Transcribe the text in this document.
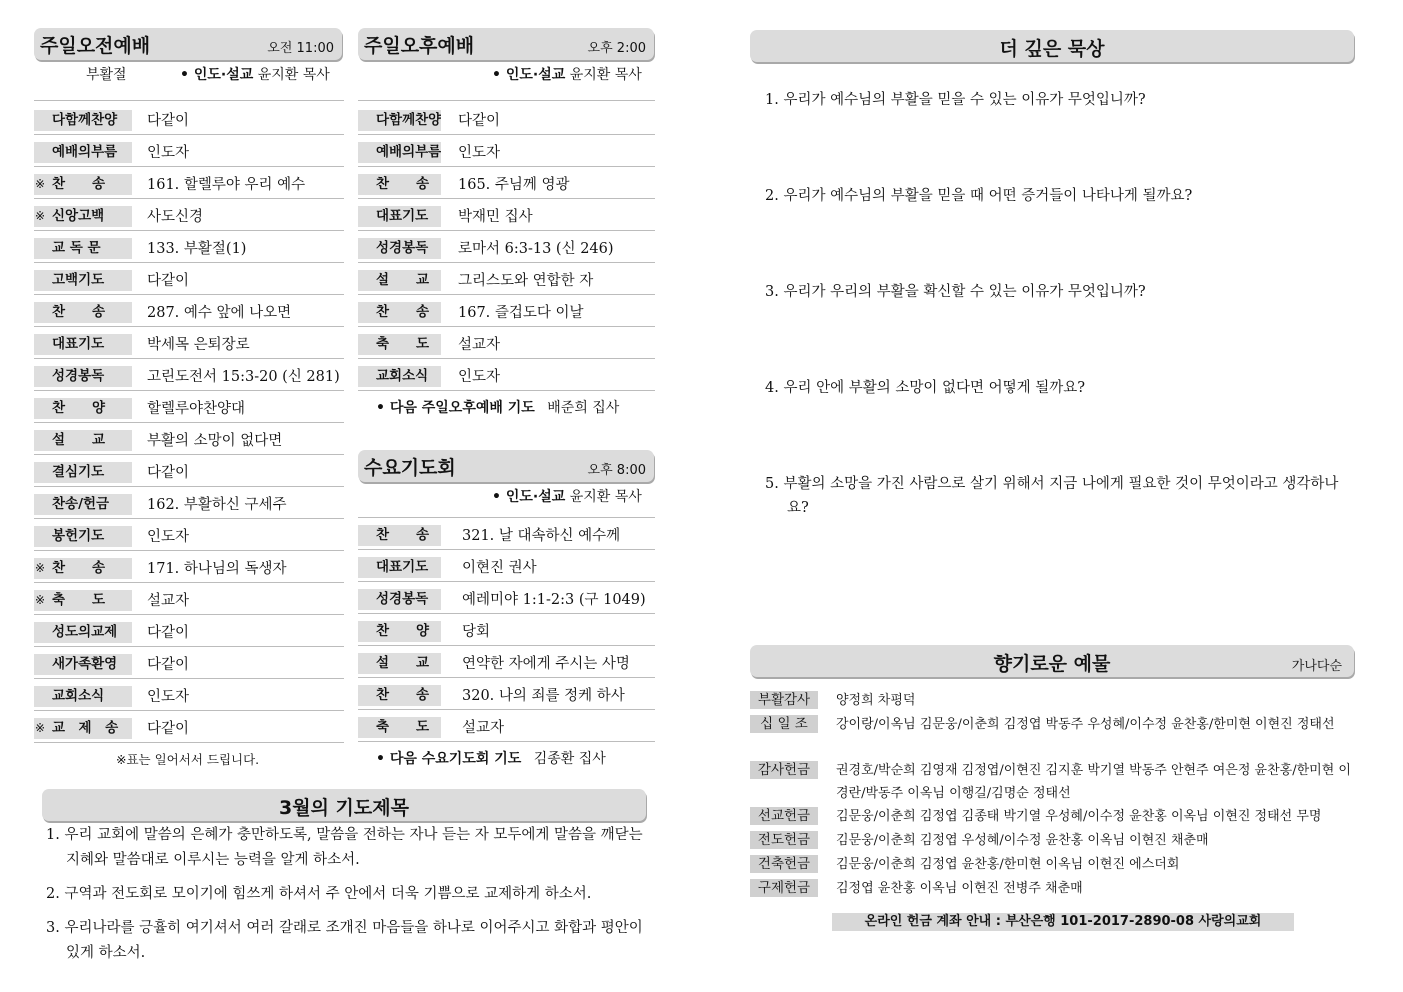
주일오전예배	오전 11:00
부활절	• 인도·설교 윤지환 목사
다함께찬양 다같이
예배의부름 인도자
※ 찬　　송	161. 할렐루야 우리 예수
※ 신앙고백	사도신경
교 독 문	133. 부활절(1)
고백기도	다같이
찬　　송	287. 예수 앞에 나오면
대표기도	박세목 은퇴장로
성경봉독	고린도전서 15:3-20 (신 281)
찬　　양	할렐루야찬양대
설　　교	부활의 소망이 없다면
결심기도	다같이
찬송/헌금	162. 부활하신 구세주
봉헌기도	인도자
※ 찬　　송	171. 하나님의 독생자
※ 축　　도	설교자
성도의교제 다같이
새가족환영 다같이
교회소식	인도자
※ 교　제　송 다같이
※표는 일어서서 드립니다.
주일오후예배	오후 2:00
• 인도·설교 윤지환 목사
다함께찬양 다같이
예배의부름 인도자
찬　　송 165. 주님께 영광
대표기도 박재민 집사
성경봉독 로마서 6:3-13 (신 246)
설　　교 그리스도와 연합한 자
찬　　송 167. 즐겁도다 이날
축　　도 설교자
교회소식 인도자
• 다음 주일오후예배 기도 배준희 집사
수요기도회	오후 8:00
• 인도·설교 윤지환 목사
찬　　송 321. 날 대속하신 예수께
대표기도 이현진 권사
성경봉독 예레미야 1:1-2:3 (구 1049)
찬　　양 당회
설　　교 연약한 자에게 주시는 사명
찬　　송 320. 나의 죄를 정케 하사
축　　도 설교자
• 다음 수요기도회 기도 김종환 집사
3월의 기도제목
1. 우리 교회에 말씀의 은혜가 충만하도록, 말씀을 전하는 자나 듣는 자 모두에게 말씀을 깨닫는 지혜와 말씀대로 이루시는 능력을 알게 하소서.
2. 구역과 전도회로 모이기에 힘쓰게 하셔서 주 안에서 더욱 기쁨으로 교제하게 하소서.
3. 우리나라를 긍휼히 여기셔서 여러 갈래로 조개진 마음들을 하나로 이어주시고 화합과 평안이 있게 하소서.
더 깊은 묵상
1. 우리가 예수님의 부활을 믿을 수 있는 이유가 무엇입니까?
2. 우리가 예수님의 부활을 믿을 때 어떤 증거들이 나타나게 될까요?
3. 우리가 우리의 부활을 확신할 수 있는 이유가 무엇입니까?
4. 우리 안에 부활의 소망이 없다면 어떻게 될까요?
5. 부활의 소망을 가진 사람으로 살기 위해서 지금 나에게 필요한 것이 무엇이라고 생각하나요?
향기로운 예물	가나다순
부활감사	양정희 차평덕
십 일 조	강이랑/이옥님 김문웅/이춘희 김정엽 박동주 우성혜/이수정 윤찬홍/한미현 이현진 정태선
감사헌금	권경호/박순희 김영재 김정엽/이현진 김지훈 박기열 박동주 안현주 여은정 윤찬홍/한미현 이경란/박동주 이옥님 이행길/김명순 정태선
선교헌금	김문웅/이춘희 김정엽 김종태 박기열 우성혜/이수정 윤찬홍 이옥님 이현진 정태선 무명
전도헌금	김문웅/이춘희 김정엽 우성혜/이수정 윤찬홍 이옥님 이현진 채춘매
건축헌금	김문웅/이춘희 김정엽 윤찬홍/한미현 이옥님 이현진 에스더회
구제헌금	김정엽 윤찬홍 이옥님 이현진 전병주 채춘매
온라인 헌금 계좌 안내 : 부산은행 101-2017-2890-08 사랑의교회
